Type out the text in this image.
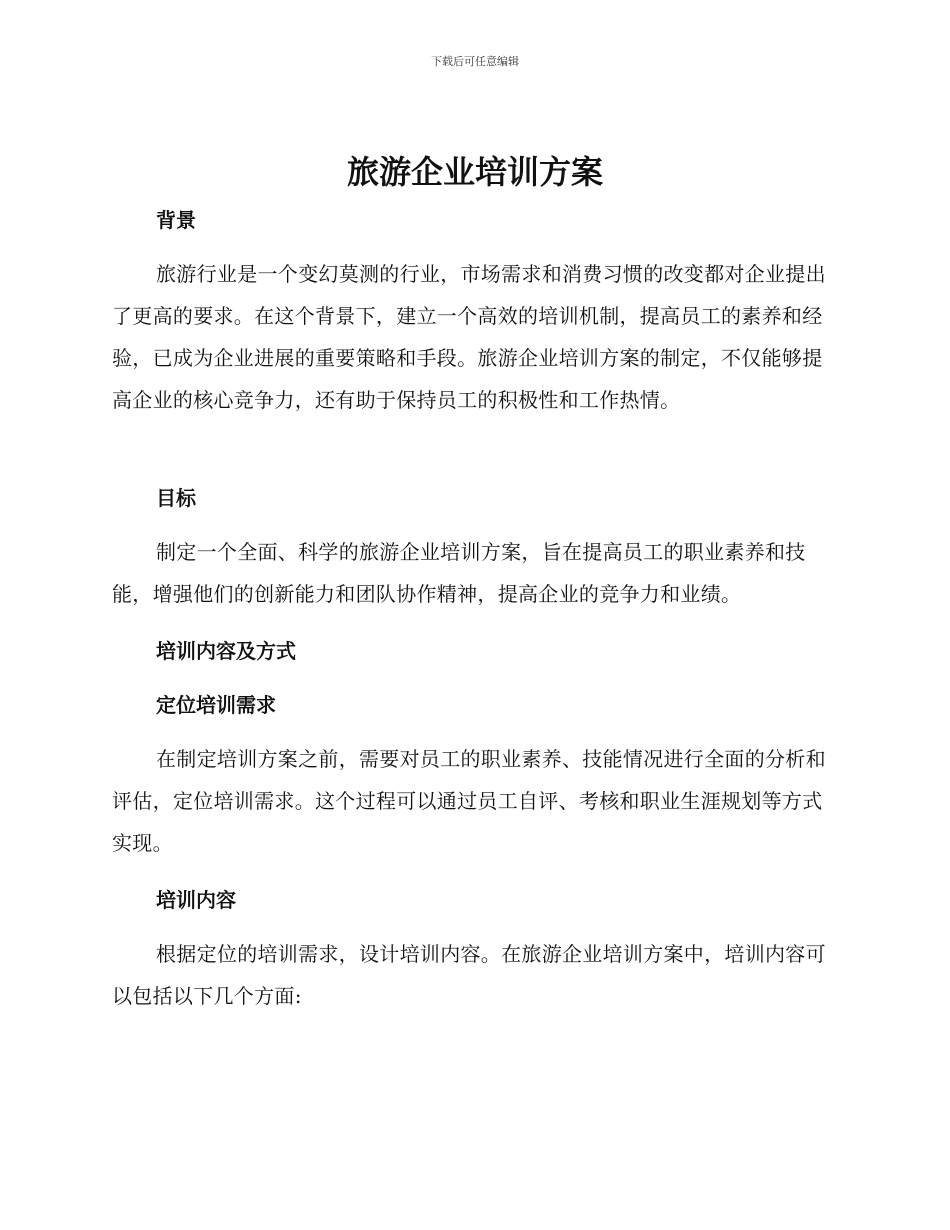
下载后可任意编辑
旅游企业培训方案
背景

旅游行业是一个变幻莫测的行业，市场需求和消费习惯的改变都对企业提出了更高的要求。在这个背景下，建立一个高效的培训机制，提高员工的素养和经验，已成为企业进展的重要策略和手段。旅游企业培训方案的制定，不仅能够提高企业的核心竞争力，还有助于保持员工的积极性和工作热情。

目标

制定一个全面、科学的旅游企业培训方案，旨在提高员工的职业素养和技能，增强他们的创新能力和团队协作精神，提高企业的竞争力和业绩。

培训内容及方式
定位培训需求

在制定培训方案之前，需要对员工的职业素养、技能情况进行全面的分析和评估，定位培训需求。这个过程可以通过员工自评、考核和职业生涯规划等方式实现。

培训内容

根据定位的培训需求，设计培训内容。在旅游企业培训方案中，培训内容可以包括以下几个方面:
